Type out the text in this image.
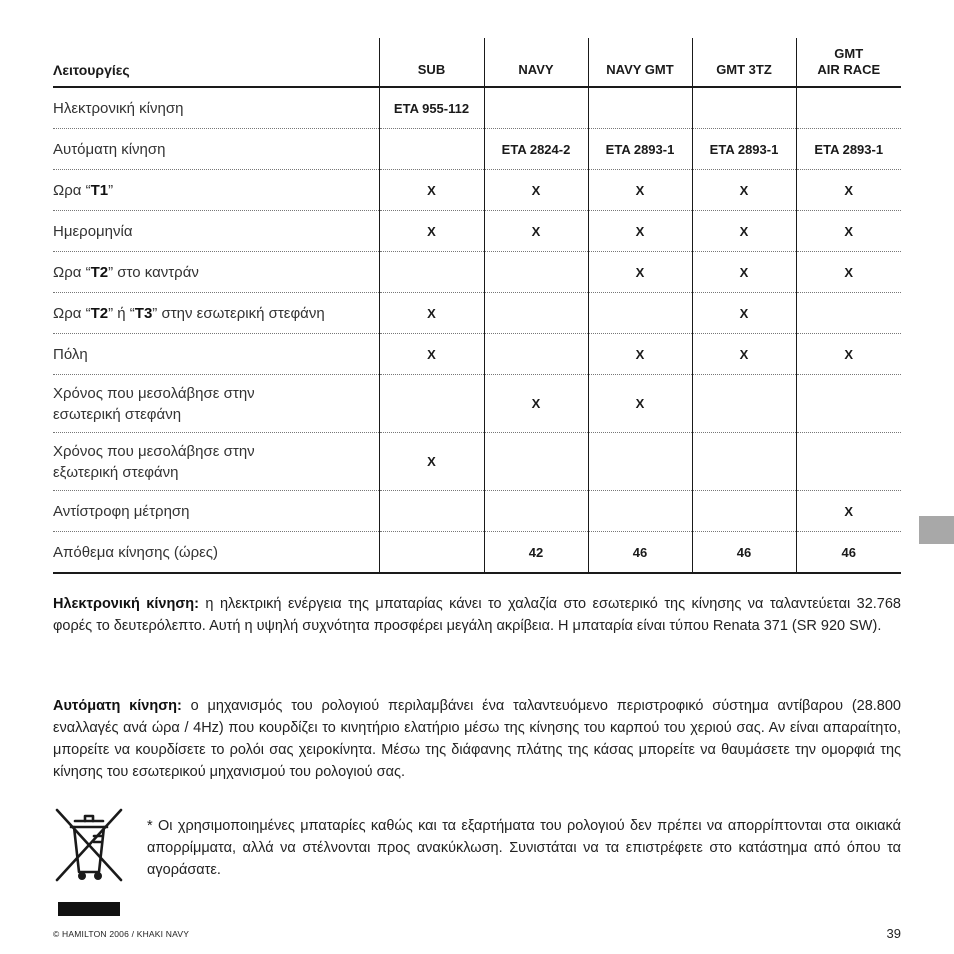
Λειτουργίες	SUB	NAVY	NAVY GMT	GMT 3TZ	GMT
AIR RACE
Ηλεκτρονική κίνηση	ETA 955-112				
Αυτόματη κίνηση		ETA 2824-2	ETA 2893-1	ETA 2893-1	ETA 2893-1
Ωρα “T1”	X	X	X	X	X
Ημερομηνία	X	X	X	X	X
Ωρα “T2” στο καντράν			X	X	X
Ωρα “T2” ή “T3” στην εσωτερική στεφάνη	X			X	
Πόλη	X		X	X	X
Χρόνος που μεσολάβησε στην
εσωτερική στεφάνη		X	X		
Χρόνος που μεσολάβησε στην
εξωτερική στεφάνη	X				
Αντίστροφη μέτρηση					X
Απόθεμα κίνησης (ώρες)		42	46	46	46

Ηλεκτρονική κίνηση: η ηλεκτρική ενέργεια της μπαταρίας κάνει το χαλαζία στο εσωτερικό της κίνησης να ταλαντεύεται 32.768 φορές το δευτερόλεπτο. Αυτή η υψηλή συχνότητα προσφέρει μεγάλη ακρίβεια. Η μπαταρία είναι τύπου Renata 371 (SR 920 SW).

Αυτόματη κίνηση: ο μηχανισμός του ρολογιού περιλαμβάνει ένα ταλαντευόμενο περιστροφικό σύστημα αντίβαρου (28.800 εναλλαγές ανά ώρα / 4Hz) που κουρδίζει το κινητήριο ελατήριο μέσω της κίνησης του καρπού του χεριού σας. Αν είναι απαραίτητο, μπορείτε να κουρδίσετε το ρολόι σας χειροκίνητα. Μέσω της διάφανης πλάτης της κάσας μπορείτε να θαυμάσετε την ομορφιά της κίνησης του εσωτερικού μηχανισμού του ρολογιού σας.

* Οι χρησιμοποιημένες μπαταρίες καθώς και τα εξαρτήματα του ρολογιού δεν πρέπει να απορρίπτονται στα οικιακά απορρίμματα, αλλά να στέλνονται προς ανακύκλωση. Συνιστάται να τα επιστρέφετε στο κατάστημα από όπου τα αγοράσατε.

© HAMILTON 2006 / KHAKI NAVY	39
